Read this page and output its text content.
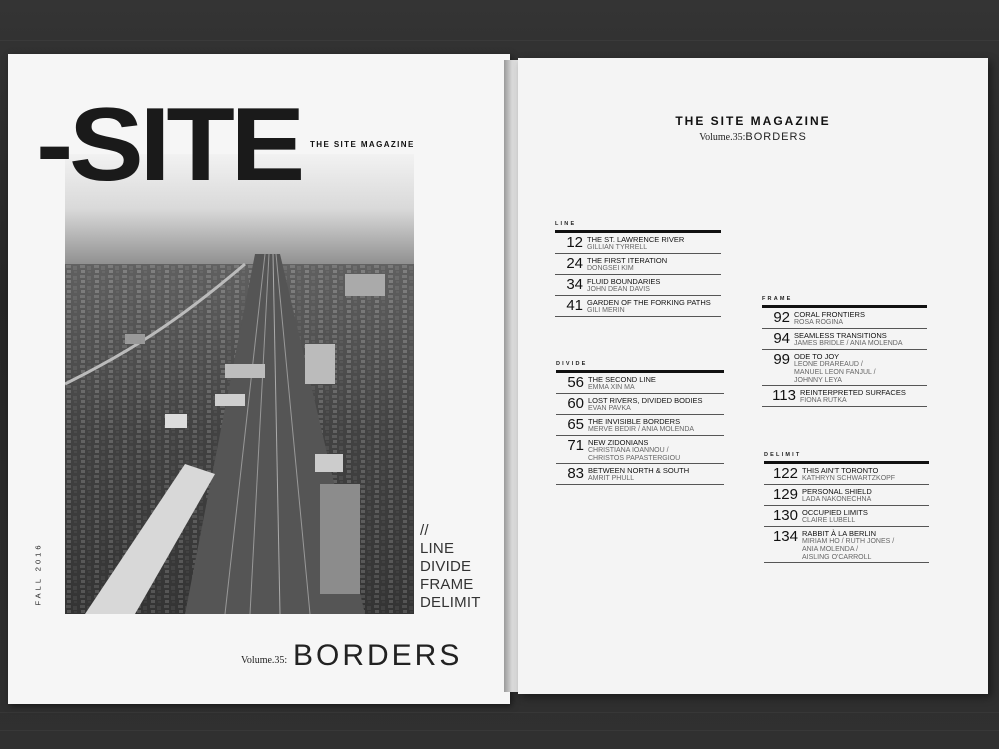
-SITE THE SITE MAGAZINE
FALL 2016
//
LINE
DIVIDE
FRAME
DELIMIT
Volume.35: BORDERS
THE SITE MAGAZINE
Volume.35:BORDERS
LINE
12 THE ST. LAWRENCE RIVER
GILLIAN TYRRELL
24 THE FIRST ITERATION
DONGSEI KIM
34 FLUID BOUNDARIES
JOHN DEAN DAVIS
41 GARDEN OF THE FORKING PATHS
GILI MERIN
DIVIDE
56 THE SECOND LINE
EMMA XIN MA
60 LOST RIVERS, DIVIDED BODIES
EVAN PAVKA
65 THE INVISIBLE BORDERS
MERVE BEDIR / ANIA MOLENDA
71 NEW ZIDONIANS
CHRISTIANA IOANNOU /
CHRISTOS PAPASTERGIOU
83 BETWEEN NORTH & SOUTH
AMRIT PHULL
FRAME
92 CORAL FRONTIERS
ROSA ROGINA
94 SEAMLESS TRANSITIONS
JAMES BRIDLE / ANIA MOLENDA
99 ODE TO JOY
LEONE DRAREAUD /
MANUEL LEON FANJUL /
JOHNNY LEYA
113 REINTERPRETED SURFACES
FIONA RUTKA
DELIMIT
122 THIS AIN'T TORONTO
KATHRYN SCHWARTZKOPF
129 PERSONAL SHIELD
LADA NAKONECHNA
130 OCCUPIED LIMITS
CLAIRE LUBELL
134 RABBIT À LA BERLIN
MIRIAM HO / RUTH JONES /
ANIA MOLENDA /
AISLING O'CARROLL
